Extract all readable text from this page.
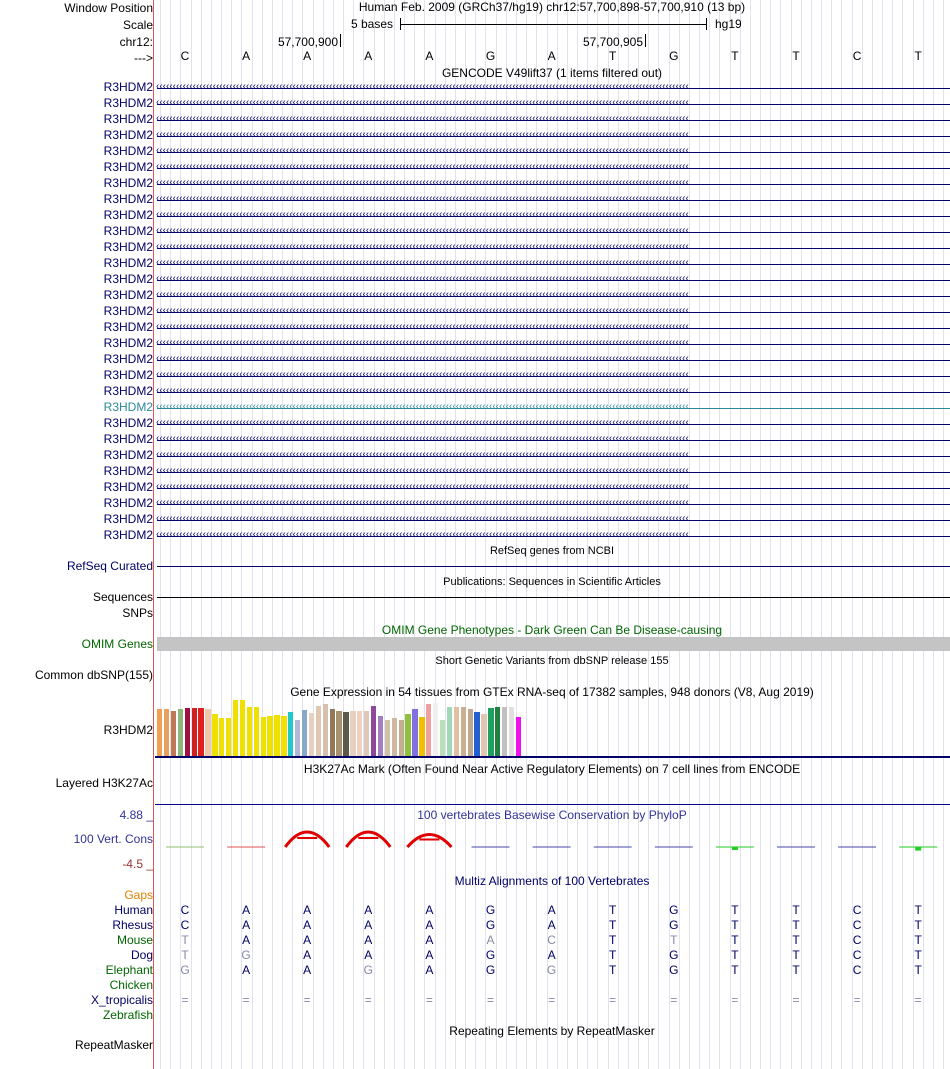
Window Position
Scale
chr12:
--->
Human Feb. 2009 (GRCh37/hg19) chr12:57,700,898-57,700,910 (13 bp)
5 bases	hg19
57,700,900	57,700,905
C	A	A	A	A	G	A	T	G	T	T	C	T
GENCODE V49lift37 (1 items filtered out)
R3HDM2 ‹‹‹‹‹‹‹‹‹‹‹‹‹‹‹‹‹‹‹‹‹‹‹‹‹‹‹‹‹‹‹‹‹‹‹‹‹‹‹‹‹‹‹‹‹‹‹‹‹‹‹‹‹‹‹‹‹‹‹‹‹‹‹‹‹‹‹‹‹‹‹‹‹‹‹‹‹‹‹‹‹‹‹‹‹‹‹‹‹‹‹‹‹‹‹‹‹‹‹‹‹‹‹‹‹‹‹‹‹‹‹‹‹‹‹‹‹‹‹‹‹‹‹‹‹‹‹‹‹‹‹‹‹‹‹‹‹‹‹‹‹‹‹‹‹‹‹‹‹‹‹‹‹‹‹‹‹‹‹‹
R3HDM2 ‹‹‹‹‹‹‹‹‹‹‹‹‹‹‹‹‹‹‹‹‹‹‹‹‹‹‹‹‹‹‹‹‹‹‹‹‹‹‹‹‹‹‹‹‹‹‹‹‹‹‹‹‹‹‹‹‹‹‹‹‹‹‹‹‹‹‹‹‹‹‹‹‹‹‹‹‹‹‹‹‹‹‹‹‹‹‹‹‹‹‹‹‹‹‹‹‹‹‹‹‹‹‹‹‹‹‹‹‹‹‹‹‹‹‹‹‹‹‹‹‹‹‹‹‹‹‹‹‹‹‹‹‹‹‹‹‹‹‹‹‹‹‹‹‹‹‹‹‹‹‹‹‹‹‹‹‹‹‹‹
R3HDM2 ‹‹‹‹‹‹‹‹‹‹‹‹‹‹‹‹‹‹‹‹‹‹‹‹‹‹‹‹‹‹‹‹‹‹‹‹‹‹‹‹‹‹‹‹‹‹‹‹‹‹‹‹‹‹‹‹‹‹‹‹‹‹‹‹‹‹‹‹‹‹‹‹‹‹‹‹‹‹‹‹‹‹‹‹‹‹‹‹‹‹‹‹‹‹‹‹‹‹‹‹‹‹‹‹‹‹‹‹‹‹‹‹‹‹‹‹‹‹‹‹‹‹‹‹‹‹‹‹‹‹‹‹‹‹‹‹‹‹‹‹‹‹‹‹‹‹‹‹‹‹‹‹‹‹‹‹‹‹‹‹
R3HDM2 ‹‹‹‹‹‹‹‹‹‹‹‹‹‹‹‹‹‹‹‹‹‹‹‹‹‹‹‹‹‹‹‹‹‹‹‹‹‹‹‹‹‹‹‹‹‹‹‹‹‹‹‹‹‹‹‹‹‹‹‹‹‹‹‹‹‹‹‹‹‹‹‹‹‹‹‹‹‹‹‹‹‹‹‹‹‹‹‹‹‹‹‹‹‹‹‹‹‹‹‹‹‹‹‹‹‹‹‹‹‹‹‹‹‹‹‹‹‹‹‹‹‹‹‹‹‹‹‹‹‹‹‹‹‹‹‹‹‹‹‹‹‹‹‹‹‹‹‹‹‹‹‹‹‹‹‹‹‹‹‹
R3HDM2 ‹‹‹‹‹‹‹‹‹‹‹‹‹‹‹‹‹‹‹‹‹‹‹‹‹‹‹‹‹‹‹‹‹‹‹‹‹‹‹‹‹‹‹‹‹‹‹‹‹‹‹‹‹‹‹‹‹‹‹‹‹‹‹‹‹‹‹‹‹‹‹‹‹‹‹‹‹‹‹‹‹‹‹‹‹‹‹‹‹‹‹‹‹‹‹‹‹‹‹‹‹‹‹‹‹‹‹‹‹‹‹‹‹‹‹‹‹‹‹‹‹‹‹‹‹‹‹‹‹‹‹‹‹‹‹‹‹‹‹‹‹‹‹‹‹‹‹‹‹‹‹‹‹‹‹‹‹‹‹‹
R3HDM2 ‹‹‹‹‹‹‹‹‹‹‹‹‹‹‹‹‹‹‹‹‹‹‹‹‹‹‹‹‹‹‹‹‹‹‹‹‹‹‹‹‹‹‹‹‹‹‹‹‹‹‹‹‹‹‹‹‹‹‹‹‹‹‹‹‹‹‹‹‹‹‹‹‹‹‹‹‹‹‹‹‹‹‹‹‹‹‹‹‹‹‹‹‹‹‹‹‹‹‹‹‹‹‹‹‹‹‹‹‹‹‹‹‹‹‹‹‹‹‹‹‹‹‹‹‹‹‹‹‹‹‹‹‹‹‹‹‹‹‹‹‹‹‹‹‹‹‹‹‹‹‹‹‹‹‹‹‹‹‹‹
R3HDM2 ‹‹‹‹‹‹‹‹‹‹‹‹‹‹‹‹‹‹‹‹‹‹‹‹‹‹‹‹‹‹‹‹‹‹‹‹‹‹‹‹‹‹‹‹‹‹‹‹‹‹‹‹‹‹‹‹‹‹‹‹‹‹‹‹‹‹‹‹‹‹‹‹‹‹‹‹‹‹‹‹‹‹‹‹‹‹‹‹‹‹‹‹‹‹‹‹‹‹‹‹‹‹‹‹‹‹‹‹‹‹‹‹‹‹‹‹‹‹‹‹‹‹‹‹‹‹‹‹‹‹‹‹‹‹‹‹‹‹‹‹‹‹‹‹‹‹‹‹‹‹‹‹‹‹‹‹‹‹‹‹
R3HDM2 ‹‹‹‹‹‹‹‹‹‹‹‹‹‹‹‹‹‹‹‹‹‹‹‹‹‹‹‹‹‹‹‹‹‹‹‹‹‹‹‹‹‹‹‹‹‹‹‹‹‹‹‹‹‹‹‹‹‹‹‹‹‹‹‹‹‹‹‹‹‹‹‹‹‹‹‹‹‹‹‹‹‹‹‹‹‹‹‹‹‹‹‹‹‹‹‹‹‹‹‹‹‹‹‹‹‹‹‹‹‹‹‹‹‹‹‹‹‹‹‹‹‹‹‹‹‹‹‹‹‹‹‹‹‹‹‹‹‹‹‹‹‹‹‹‹‹‹‹‹‹‹‹‹‹‹‹‹‹‹‹
R3HDM2 ‹‹‹‹‹‹‹‹‹‹‹‹‹‹‹‹‹‹‹‹‹‹‹‹‹‹‹‹‹‹‹‹‹‹‹‹‹‹‹‹‹‹‹‹‹‹‹‹‹‹‹‹‹‹‹‹‹‹‹‹‹‹‹‹‹‹‹‹‹‹‹‹‹‹‹‹‹‹‹‹‹‹‹‹‹‹‹‹‹‹‹‹‹‹‹‹‹‹‹‹‹‹‹‹‹‹‹‹‹‹‹‹‹‹‹‹‹‹‹‹‹‹‹‹‹‹‹‹‹‹‹‹‹‹‹‹‹‹‹‹‹‹‹‹‹‹‹‹‹‹‹‹‹‹‹‹‹‹‹‹
R3HDM2 ‹‹‹‹‹‹‹‹‹‹‹‹‹‹‹‹‹‹‹‹‹‹‹‹‹‹‹‹‹‹‹‹‹‹‹‹‹‹‹‹‹‹‹‹‹‹‹‹‹‹‹‹‹‹‹‹‹‹‹‹‹‹‹‹‹‹‹‹‹‹‹‹‹‹‹‹‹‹‹‹‹‹‹‹‹‹‹‹‹‹‹‹‹‹‹‹‹‹‹‹‹‹‹‹‹‹‹‹‹‹‹‹‹‹‹‹‹‹‹‹‹‹‹‹‹‹‹‹‹‹‹‹‹‹‹‹‹‹‹‹‹‹‹‹‹‹‹‹‹‹‹‹‹‹‹‹‹‹‹‹
R3HDM2 ‹‹‹‹‹‹‹‹‹‹‹‹‹‹‹‹‹‹‹‹‹‹‹‹‹‹‹‹‹‹‹‹‹‹‹‹‹‹‹‹‹‹‹‹‹‹‹‹‹‹‹‹‹‹‹‹‹‹‹‹‹‹‹‹‹‹‹‹‹‹‹‹‹‹‹‹‹‹‹‹‹‹‹‹‹‹‹‹‹‹‹‹‹‹‹‹‹‹‹‹‹‹‹‹‹‹‹‹‹‹‹‹‹‹‹‹‹‹‹‹‹‹‹‹‹‹‹‹‹‹‹‹‹‹‹‹‹‹‹‹‹‹‹‹‹‹‹‹‹‹‹‹‹‹‹‹‹‹‹‹
R3HDM2 ‹‹‹‹‹‹‹‹‹‹‹‹‹‹‹‹‹‹‹‹‹‹‹‹‹‹‹‹‹‹‹‹‹‹‹‹‹‹‹‹‹‹‹‹‹‹‹‹‹‹‹‹‹‹‹‹‹‹‹‹‹‹‹‹‹‹‹‹‹‹‹‹‹‹‹‹‹‹‹‹‹‹‹‹‹‹‹‹‹‹‹‹‹‹‹‹‹‹‹‹‹‹‹‹‹‹‹‹‹‹‹‹‹‹‹‹‹‹‹‹‹‹‹‹‹‹‹‹‹‹‹‹‹‹‹‹‹‹‹‹‹‹‹‹‹‹‹‹‹‹‹‹‹‹‹‹‹‹‹‹
R3HDM2 ‹‹‹‹‹‹‹‹‹‹‹‹‹‹‹‹‹‹‹‹‹‹‹‹‹‹‹‹‹‹‹‹‹‹‹‹‹‹‹‹‹‹‹‹‹‹‹‹‹‹‹‹‹‹‹‹‹‹‹‹‹‹‹‹‹‹‹‹‹‹‹‹‹‹‹‹‹‹‹‹‹‹‹‹‹‹‹‹‹‹‹‹‹‹‹‹‹‹‹‹‹‹‹‹‹‹‹‹‹‹‹‹‹‹‹‹‹‹‹‹‹‹‹‹‹‹‹‹‹‹‹‹‹‹‹‹‹‹‹‹‹‹‹‹‹‹‹‹‹‹‹‹‹‹‹‹‹‹‹‹
R3HDM2 ‹‹‹‹‹‹‹‹‹‹‹‹‹‹‹‹‹‹‹‹‹‹‹‹‹‹‹‹‹‹‹‹‹‹‹‹‹‹‹‹‹‹‹‹‹‹‹‹‹‹‹‹‹‹‹‹‹‹‹‹‹‹‹‹‹‹‹‹‹‹‹‹‹‹‹‹‹‹‹‹‹‹‹‹‹‹‹‹‹‹‹‹‹‹‹‹‹‹‹‹‹‹‹‹‹‹‹‹‹‹‹‹‹‹‹‹‹‹‹‹‹‹‹‹‹‹‹‹‹‹‹‹‹‹‹‹‹‹‹‹‹‹‹‹‹‹‹‹‹‹‹‹‹‹‹‹‹‹‹‹
R3HDM2 ‹‹‹‹‹‹‹‹‹‹‹‹‹‹‹‹‹‹‹‹‹‹‹‹‹‹‹‹‹‹‹‹‹‹‹‹‹‹‹‹‹‹‹‹‹‹‹‹‹‹‹‹‹‹‹‹‹‹‹‹‹‹‹‹‹‹‹‹‹‹‹‹‹‹‹‹‹‹‹‹‹‹‹‹‹‹‹‹‹‹‹‹‹‹‹‹‹‹‹‹‹‹‹‹‹‹‹‹‹‹‹‹‹‹‹‹‹‹‹‹‹‹‹‹‹‹‹‹‹‹‹‹‹‹‹‹‹‹‹‹‹‹‹‹‹‹‹‹‹‹‹‹‹‹‹‹‹‹‹‹
R3HDM2 ‹‹‹‹‹‹‹‹‹‹‹‹‹‹‹‹‹‹‹‹‹‹‹‹‹‹‹‹‹‹‹‹‹‹‹‹‹‹‹‹‹‹‹‹‹‹‹‹‹‹‹‹‹‹‹‹‹‹‹‹‹‹‹‹‹‹‹‹‹‹‹‹‹‹‹‹‹‹‹‹‹‹‹‹‹‹‹‹‹‹‹‹‹‹‹‹‹‹‹‹‹‹‹‹‹‹‹‹‹‹‹‹‹‹‹‹‹‹‹‹‹‹‹‹‹‹‹‹‹‹‹‹‹‹‹‹‹‹‹‹‹‹‹‹‹‹‹‹‹‹‹‹‹‹‹‹‹‹‹‹
R3HDM2 ‹‹‹‹‹‹‹‹‹‹‹‹‹‹‹‹‹‹‹‹‹‹‹‹‹‹‹‹‹‹‹‹‹‹‹‹‹‹‹‹‹‹‹‹‹‹‹‹‹‹‹‹‹‹‹‹‹‹‹‹‹‹‹‹‹‹‹‹‹‹‹‹‹‹‹‹‹‹‹‹‹‹‹‹‹‹‹‹‹‹‹‹‹‹‹‹‹‹‹‹‹‹‹‹‹‹‹‹‹‹‹‹‹‹‹‹‹‹‹‹‹‹‹‹‹‹‹‹‹‹‹‹‹‹‹‹‹‹‹‹‹‹‹‹‹‹‹‹‹‹‹‹‹‹‹‹‹‹‹‹
R3HDM2 ‹‹‹‹‹‹‹‹‹‹‹‹‹‹‹‹‹‹‹‹‹‹‹‹‹‹‹‹‹‹‹‹‹‹‹‹‹‹‹‹‹‹‹‹‹‹‹‹‹‹‹‹‹‹‹‹‹‹‹‹‹‹‹‹‹‹‹‹‹‹‹‹‹‹‹‹‹‹‹‹‹‹‹‹‹‹‹‹‹‹‹‹‹‹‹‹‹‹‹‹‹‹‹‹‹‹‹‹‹‹‹‹‹‹‹‹‹‹‹‹‹‹‹‹‹‹‹‹‹‹‹‹‹‹‹‹‹‹‹‹‹‹‹‹‹‹‹‹‹‹‹‹‹‹‹‹‹‹‹‹
R3HDM2 ‹‹‹‹‹‹‹‹‹‹‹‹‹‹‹‹‹‹‹‹‹‹‹‹‹‹‹‹‹‹‹‹‹‹‹‹‹‹‹‹‹‹‹‹‹‹‹‹‹‹‹‹‹‹‹‹‹‹‹‹‹‹‹‹‹‹‹‹‹‹‹‹‹‹‹‹‹‹‹‹‹‹‹‹‹‹‹‹‹‹‹‹‹‹‹‹‹‹‹‹‹‹‹‹‹‹‹‹‹‹‹‹‹‹‹‹‹‹‹‹‹‹‹‹‹‹‹‹‹‹‹‹‹‹‹‹‹‹‹‹‹‹‹‹‹‹‹‹‹‹‹‹‹‹‹‹‹‹‹‹
R3HDM2 ‹‹‹‹‹‹‹‹‹‹‹‹‹‹‹‹‹‹‹‹‹‹‹‹‹‹‹‹‹‹‹‹‹‹‹‹‹‹‹‹‹‹‹‹‹‹‹‹‹‹‹‹‹‹‹‹‹‹‹‹‹‹‹‹‹‹‹‹‹‹‹‹‹‹‹‹‹‹‹‹‹‹‹‹‹‹‹‹‹‹‹‹‹‹‹‹‹‹‹‹‹‹‹‹‹‹‹‹‹‹‹‹‹‹‹‹‹‹‹‹‹‹‹‹‹‹‹‹‹‹‹‹‹‹‹‹‹‹‹‹‹‹‹‹‹‹‹‹‹‹‹‹‹‹‹‹‹‹‹‹
R3HDM2 ‹‹‹‹‹‹‹‹‹‹‹‹‹‹‹‹‹‹‹‹‹‹‹‹‹‹‹‹‹‹‹‹‹‹‹‹‹‹‹‹‹‹‹‹‹‹‹‹‹‹‹‹‹‹‹‹‹‹‹‹‹‹‹‹‹‹‹‹‹‹‹‹‹‹‹‹‹‹‹‹‹‹‹‹‹‹‹‹‹‹‹‹‹‹‹‹‹‹‹‹‹‹‹‹‹‹‹‹‹‹‹‹‹‹‹‹‹‹‹‹‹‹‹‹‹‹‹‹‹‹‹‹‹‹‹‹‹‹‹‹‹‹‹‹‹‹‹‹‹‹‹‹‹‹‹‹‹‹‹‹
R3HDM2 ‹‹‹‹‹‹‹‹‹‹‹‹‹‹‹‹‹‹‹‹‹‹‹‹‹‹‹‹‹‹‹‹‹‹‹‹‹‹‹‹‹‹‹‹‹‹‹‹‹‹‹‹‹‹‹‹‹‹‹‹‹‹‹‹‹‹‹‹‹‹‹‹‹‹‹‹‹‹‹‹‹‹‹‹‹‹‹‹‹‹‹‹‹‹‹‹‹‹‹‹‹‹‹‹‹‹‹‹‹‹‹‹‹‹‹‹‹‹‹‹‹‹‹‹‹‹‹‹‹‹‹‹‹‹‹‹‹‹‹‹‹‹‹‹‹‹‹‹‹‹‹‹‹‹‹‹‹‹‹‹
R3HDM2 ‹‹‹‹‹‹‹‹‹‹‹‹‹‹‹‹‹‹‹‹‹‹‹‹‹‹‹‹‹‹‹‹‹‹‹‹‹‹‹‹‹‹‹‹‹‹‹‹‹‹‹‹‹‹‹‹‹‹‹‹‹‹‹‹‹‹‹‹‹‹‹‹‹‹‹‹‹‹‹‹‹‹‹‹‹‹‹‹‹‹‹‹‹‹‹‹‹‹‹‹‹‹‹‹‹‹‹‹‹‹‹‹‹‹‹‹‹‹‹‹‹‹‹‹‹‹‹‹‹‹‹‹‹‹‹‹‹‹‹‹‹‹‹‹‹‹‹‹‹‹‹‹‹‹‹‹‹‹‹‹
R3HDM2 ‹‹‹‹‹‹‹‹‹‹‹‹‹‹‹‹‹‹‹‹‹‹‹‹‹‹‹‹‹‹‹‹‹‹‹‹‹‹‹‹‹‹‹‹‹‹‹‹‹‹‹‹‹‹‹‹‹‹‹‹‹‹‹‹‹‹‹‹‹‹‹‹‹‹‹‹‹‹‹‹‹‹‹‹‹‹‹‹‹‹‹‹‹‹‹‹‹‹‹‹‹‹‹‹‹‹‹‹‹‹‹‹‹‹‹‹‹‹‹‹‹‹‹‹‹‹‹‹‹‹‹‹‹‹‹‹‹‹‹‹‹‹‹‹‹‹‹‹‹‹‹‹‹‹‹‹‹‹‹‹
R3HDM2 ‹‹‹‹‹‹‹‹‹‹‹‹‹‹‹‹‹‹‹‹‹‹‹‹‹‹‹‹‹‹‹‹‹‹‹‹‹‹‹‹‹‹‹‹‹‹‹‹‹‹‹‹‹‹‹‹‹‹‹‹‹‹‹‹‹‹‹‹‹‹‹‹‹‹‹‹‹‹‹‹‹‹‹‹‹‹‹‹‹‹‹‹‹‹‹‹‹‹‹‹‹‹‹‹‹‹‹‹‹‹‹‹‹‹‹‹‹‹‹‹‹‹‹‹‹‹‹‹‹‹‹‹‹‹‹‹‹‹‹‹‹‹‹‹‹‹‹‹‹‹‹‹‹‹‹‹‹‹‹‹
R3HDM2 ‹‹‹‹‹‹‹‹‹‹‹‹‹‹‹‹‹‹‹‹‹‹‹‹‹‹‹‹‹‹‹‹‹‹‹‹‹‹‹‹‹‹‹‹‹‹‹‹‹‹‹‹‹‹‹‹‹‹‹‹‹‹‹‹‹‹‹‹‹‹‹‹‹‹‹‹‹‹‹‹‹‹‹‹‹‹‹‹‹‹‹‹‹‹‹‹‹‹‹‹‹‹‹‹‹‹‹‹‹‹‹‹‹‹‹‹‹‹‹‹‹‹‹‹‹‹‹‹‹‹‹‹‹‹‹‹‹‹‹‹‹‹‹‹‹‹‹‹‹‹‹‹‹‹‹‹‹‹‹‹
R3HDM2 ‹‹‹‹‹‹‹‹‹‹‹‹‹‹‹‹‹‹‹‹‹‹‹‹‹‹‹‹‹‹‹‹‹‹‹‹‹‹‹‹‹‹‹‹‹‹‹‹‹‹‹‹‹‹‹‹‹‹‹‹‹‹‹‹‹‹‹‹‹‹‹‹‹‹‹‹‹‹‹‹‹‹‹‹‹‹‹‹‹‹‹‹‹‹‹‹‹‹‹‹‹‹‹‹‹‹‹‹‹‹‹‹‹‹‹‹‹‹‹‹‹‹‹‹‹‹‹‹‹‹‹‹‹‹‹‹‹‹‹‹‹‹‹‹‹‹‹‹‹‹‹‹‹‹‹‹‹‹‹‹
R3HDM2 ‹‹‹‹‹‹‹‹‹‹‹‹‹‹‹‹‹‹‹‹‹‹‹‹‹‹‹‹‹‹‹‹‹‹‹‹‹‹‹‹‹‹‹‹‹‹‹‹‹‹‹‹‹‹‹‹‹‹‹‹‹‹‹‹‹‹‹‹‹‹‹‹‹‹‹‹‹‹‹‹‹‹‹‹‹‹‹‹‹‹‹‹‹‹‹‹‹‹‹‹‹‹‹‹‹‹‹‹‹‹‹‹‹‹‹‹‹‹‹‹‹‹‹‹‹‹‹‹‹‹‹‹‹‹‹‹‹‹‹‹‹‹‹‹‹‹‹‹‹‹‹‹‹‹‹‹‹‹‹‹
R3HDM2 ‹‹‹‹‹‹‹‹‹‹‹‹‹‹‹‹‹‹‹‹‹‹‹‹‹‹‹‹‹‹‹‹‹‹‹‹‹‹‹‹‹‹‹‹‹‹‹‹‹‹‹‹‹‹‹‹‹‹‹‹‹‹‹‹‹‹‹‹‹‹‹‹‹‹‹‹‹‹‹‹‹‹‹‹‹‹‹‹‹‹‹‹‹‹‹‹‹‹‹‹‹‹‹‹‹‹‹‹‹‹‹‹‹‹‹‹‹‹‹‹‹‹‹‹‹‹‹‹‹‹‹‹‹‹‹‹‹‹‹‹‹‹‹‹‹‹‹‹‹‹‹‹‹‹‹‹‹‹‹‹
RefSeq genes from NCBI
RefSeq Curated
Publications: Sequences in Scientific Articles
Sequences
SNPs
OMIM Gene Phenotypes - Dark Green Can Be Disease-causing
OMIM Genes
Short Genetic Variants from dbSNP release 155
Common dbSNP(155)
Gene Expression in 54 tissues from GTEx RNA-seq of 17382 samples, 948 donors (V8, Aug 2019)
R3HDM2
H3K27Ac Mark (Often Found Near Active Regulatory Elements) on 7 cell lines from ENCODE
Layered H3K27Ac
100 vertebrates Basewise Conservation by PhyloP
4.88 _
100 Vert. Cons
-4.5 _
Multiz Alignments of 100 Vertebrates
Gaps
Human C	A	A	A	A	G	A	T	G	T	T	C	T
Rhesus C	A	A	A	A	G	A	T	G	T	T	C	T
Mouse T	A	A	A	A	A	C	T	T	T	T	C	T
Dog T	G	A	A	A	G	A	T	G	T	T	C	T
Elephant G	A	A	G	A	G	G	T	G	T	T	C	T
Chicken
X_tropicalis =	=	=	=	=	=	=	=	=	=	=	=	=
Zebrafish
Repeating Elements by RepeatMasker
RepeatMasker
